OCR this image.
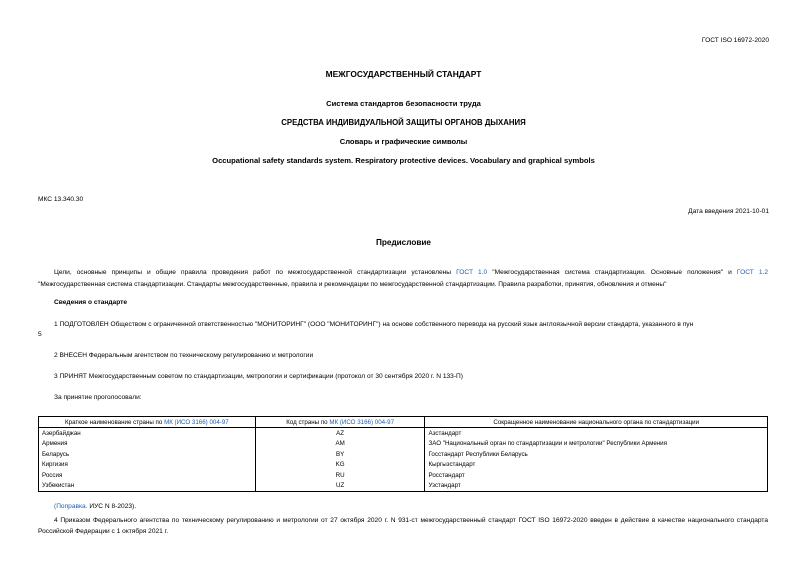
ГОСТ ISO 16972-2020
МЕЖГОСУДАРСТВЕННЫЙ СТАНДАРТ
Система стандартов безопасности труда
СРЕДСТВА ИНДИВИДУАЛЬНОЙ ЗАЩИТЫ ОРГАНОВ ДЫХАНИЯ
Словарь и графические символы
Occupational safety standards system. Respiratory protective devices. Vocabulary and graphical symbols
МКС 13.340.30
Дата введения 2021-10-01
Предисловие
Цели, основные принципы и общие правила проведения работ по межгосударственной стандартизации установлены ГОСТ 1.0 "Межгосударственная система стандартизации. Основные положения" и ГОСТ 1.2 "Межгосударственная система стандартизации. Стандарты межгосударственные, правила и рекомендации по межгосударственной стандартизации. Правила разработки, принятия, обновления и отмены"
Сведения о стандарте
1 ПОДГОТОВЛЕН Обществом с ограниченной ответственностью "МОНИТОРИНГ" (ООО "МОНИТОРИНГ") на основе собственного перевода на русский язык англоязычной версии стандарта, указанного в пун
5
2 ВНЕСЕН Федеральным агентством по техническому регулированию и метрологии
3 ПРИНЯТ Межгосударственным советом по стандартизации, метрологии и сертификации (протокол от 30 сентября 2020 г. N 133-П)
За принятие проголосовали:
Краткое наименование страны по МК (ИСО 3166) 004-97	Код страны по МК (ИСО 3166) 004-97	Сокращенное наименование национального органа по стандартизации
Азербайджан	AZ	Азстандарт
Армения	AM	ЗАО "Национальный орган по стандартизации и метрологии" Республики Армения
Беларусь	BY	Госстандарт Республики Беларусь
Киргизия	KG	Кыргызстандарт
Россия	RU	Росстандарт
Узбекистан	UZ	Узстандарт
(Поправка. ИУС N 8-2023).
4 Приказом Федерального агентства по техническому регулированию и метрологии от 27 октября 2020 г. N 931-ст межгосударственный стандарт ГОСТ ISO 16972-2020 введен в действие в качестве национального стандарта Российской Федерации с 1 октября 2021 г.
